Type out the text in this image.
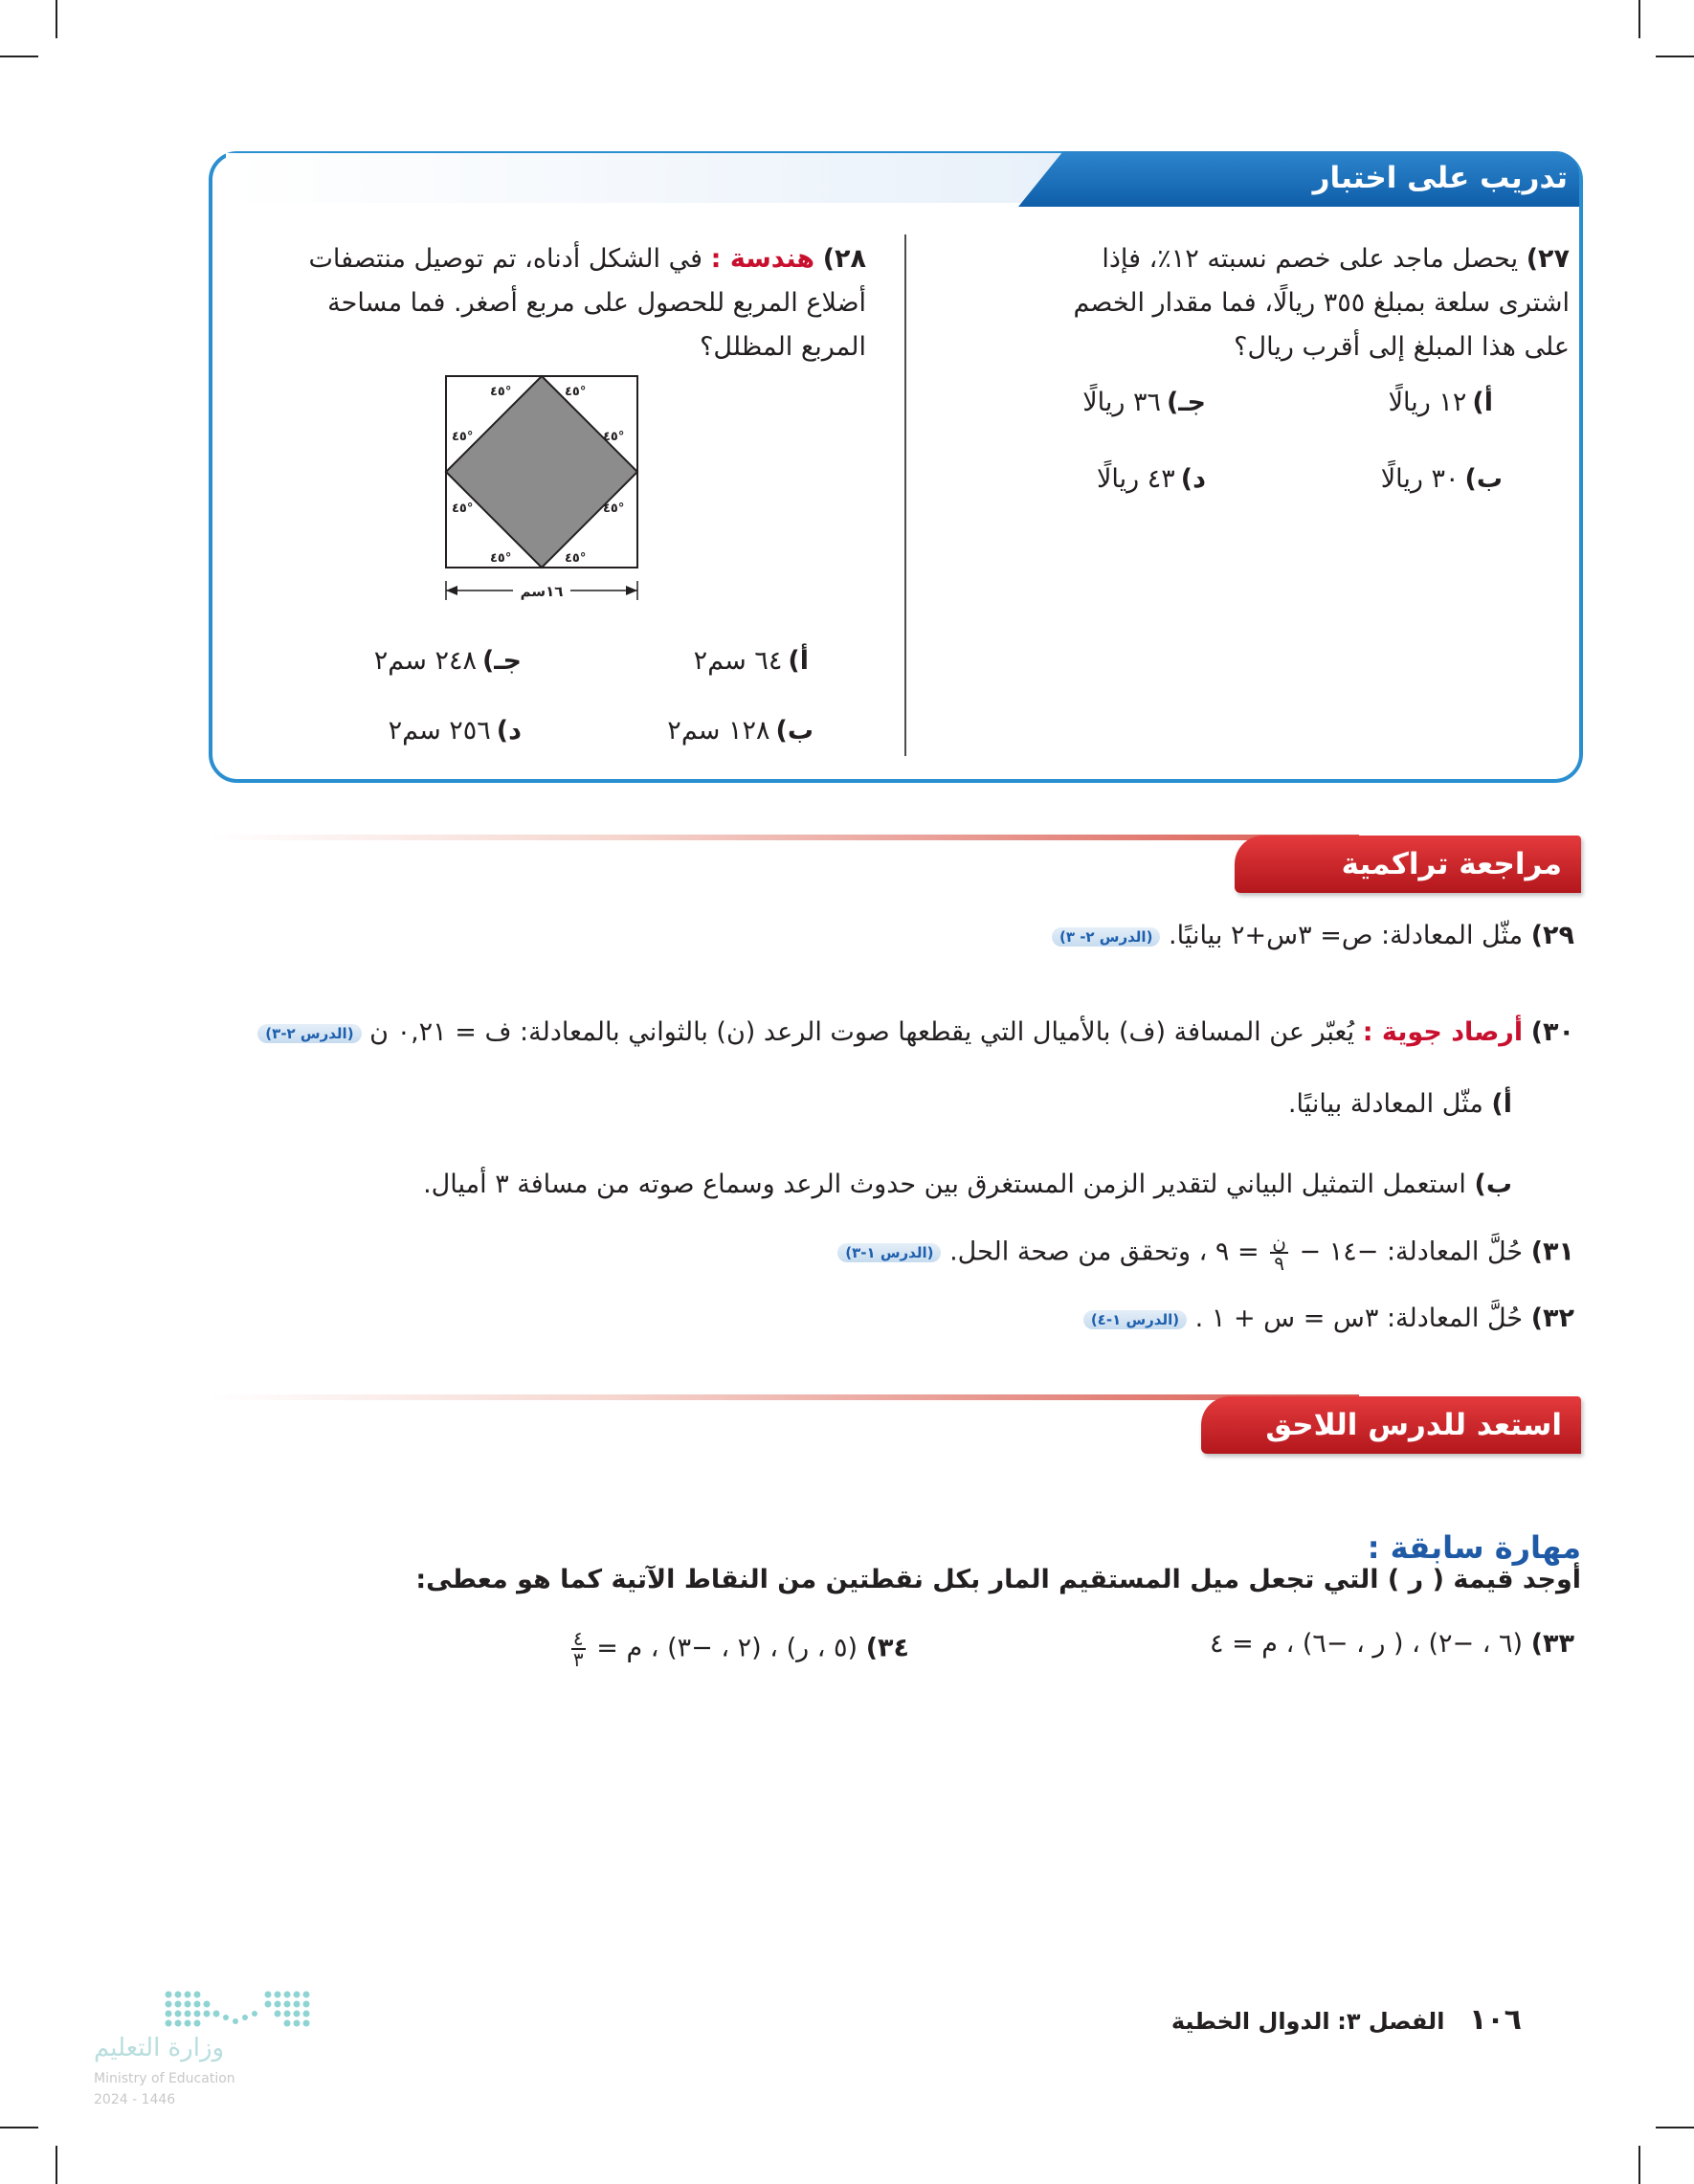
تدريب على اختبار
٢٧) يحصل ماجد على خصم نسبته ١٢٪، فإذا اشترى سلعة بمبلغ ٣٥٥ ريالًا، فما مقدار الخصم على هذا المبلغ إلى أقرب ريال؟
أ)١٢ ريالًا
جـ)٣٦ ريالًا
ب)٣٠ ريالًا
د)٤٣ ريالًا
٢٨) هندسة : في الشكل أدناه، تم توصيل منتصفات أضلاع المربع للحصول على مربع أصغر. فما مساحة المربع المظلل؟
٤٥°	٤٥°
٤٥°	٤٥°
٤٥°	٤٥°
٤٥°	٤٥°
١٦سم
أ)٦٤ سم٢
جـ)٢٤٨ سم٢
ب)١٢٨ سم٢
د)٢٥٦ سم٢
مراجعة تراكمية
٢٩) مثّل المعادلة: ص= ٣س+٢ بيانيًا. (الدرس ٢- ٣)
٣٠) أرصاد جوية : يُعبّر عن المسافة (ف) بالأميال التي يقطعها صوت الرعد (ن) بالثواني بالمعادلة: ف = ٠,٢١ ن (الدرس ٢-٣)
أ) مثّل المعادلة بيانيًا.
ب) استعمل التمثيل البياني لتقدير الزمن المستغرق بين حدوث الرعد وسماع صوته من مسافة ٣ أميال.
٣١) حُلَّ المعادلة: −١٤ −
$\frac{\text{ن}}{٩}$
= ٩ ، وتحقق من صحة الحل. (الدرس ١-٣)
٣٢) حُلَّ المعادلة: ٣س = س + ١ . (الدرس ١-٤)
استعد للدرس اللاحق
مهارة سابقة :
أوجد قيمة ( ر ) التي تجعل ميل المستقيم المار بكل نقطتين من النقاط الآتية كما هو معطى:
٣٣) (٦ ، −٢) ، ( ر ، −٦) ، م = ٤
٣٤) (٥ ، ر) ، (٢ ، −٣) ، م =
$\frac{٤}{٣}$
١٠٦ الفصل ٣: الدوال الخطية
وزارة التعليم
Ministry of Education
2024 - 1446
